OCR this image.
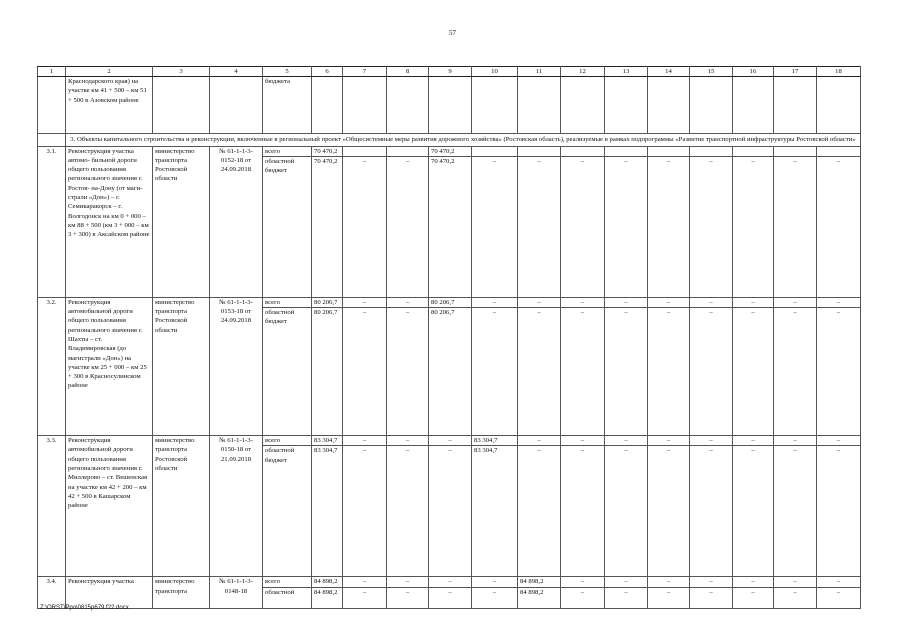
57
1	2	3	4	5	6	7	8	9	10	11	12	13	14	15	16	17	18
	Краснодарского края) на участке км 41 + 500 – км 51 + 500 в Азовском районе			бюджета													
	3. Объекты капитального строительства и реконструкции, включенные в региональный проект «Общесистемные меры развития дорожного хозяйства» (Ростовская область), реализуемые в рамках подпрограммы «Развитие транспортной инфраструктуры Ростовской области»																
3.1.	Реконструкция участка автомо- бильной дороги общего пользования регионального значения г. Ростов- на-Дону (от маги- страли «Дон») – г. Семикаракорск – г. Волгодонск на км 0 + 000 – км 88 + 500 (км 3 + 000 – км 3 + 300) в Аксайском районе	министерство транспорта Ростовской области	№ 61-1-1-3- 0152-18 от 24.09.2018	всего	70 470,2			70 470,2									
				областной бюджет	70 470,2	–	–	70 470,2	–	–	–	–	–	–	–	–	–
3.2.	Реконструкция автомобильной дороги общего пользования регионального значения г. Шахты – ст. Владимировская (до магистрали «Дон») на участке км 25 + 000 – км 25 + 300 в Красносулинском районе	министерство транспорта Ростовской области	№ 61-1-1-3- 0153-18 от 24.09.2018	всего	80 206,7	–	–	80 206,7	–	–	–	–	–	–	–	–	–
				областной бюджет	80 206,7	–	–	80 206,7	–	–	–	–	–	–	–	–	–
3.3.	Реконструкция автомобильной дороги общего пользования регионального значения г. Миллерово – ст. Вешенская на участке км 42 + 200 – км 42 + 500 в Кашарском районе	министерство транспорта Ростовской области	№ 61-1-1-3- 0150-18 от 21.09.2018	всего	83 304,7	–	–	–	83 304,7	–	–	–	–	–	–	–	–
				областной бюджет	83 304,7	–	–	–	83 304,7	–	–	–	–	–	–	–	–
3.4.	Реконструкция участка	министерство транспорта	№ 61-1-1-3- 0148-18	всего	84 898,2	–	–	–	–	84 898,2	–	–	–	–	–	–	–
				областной	84 898,2	–	–	–	–	84 898,2	–	–	–	–	–	–	–
Z:\ORST\Ppo\0815p679.f22.docx
